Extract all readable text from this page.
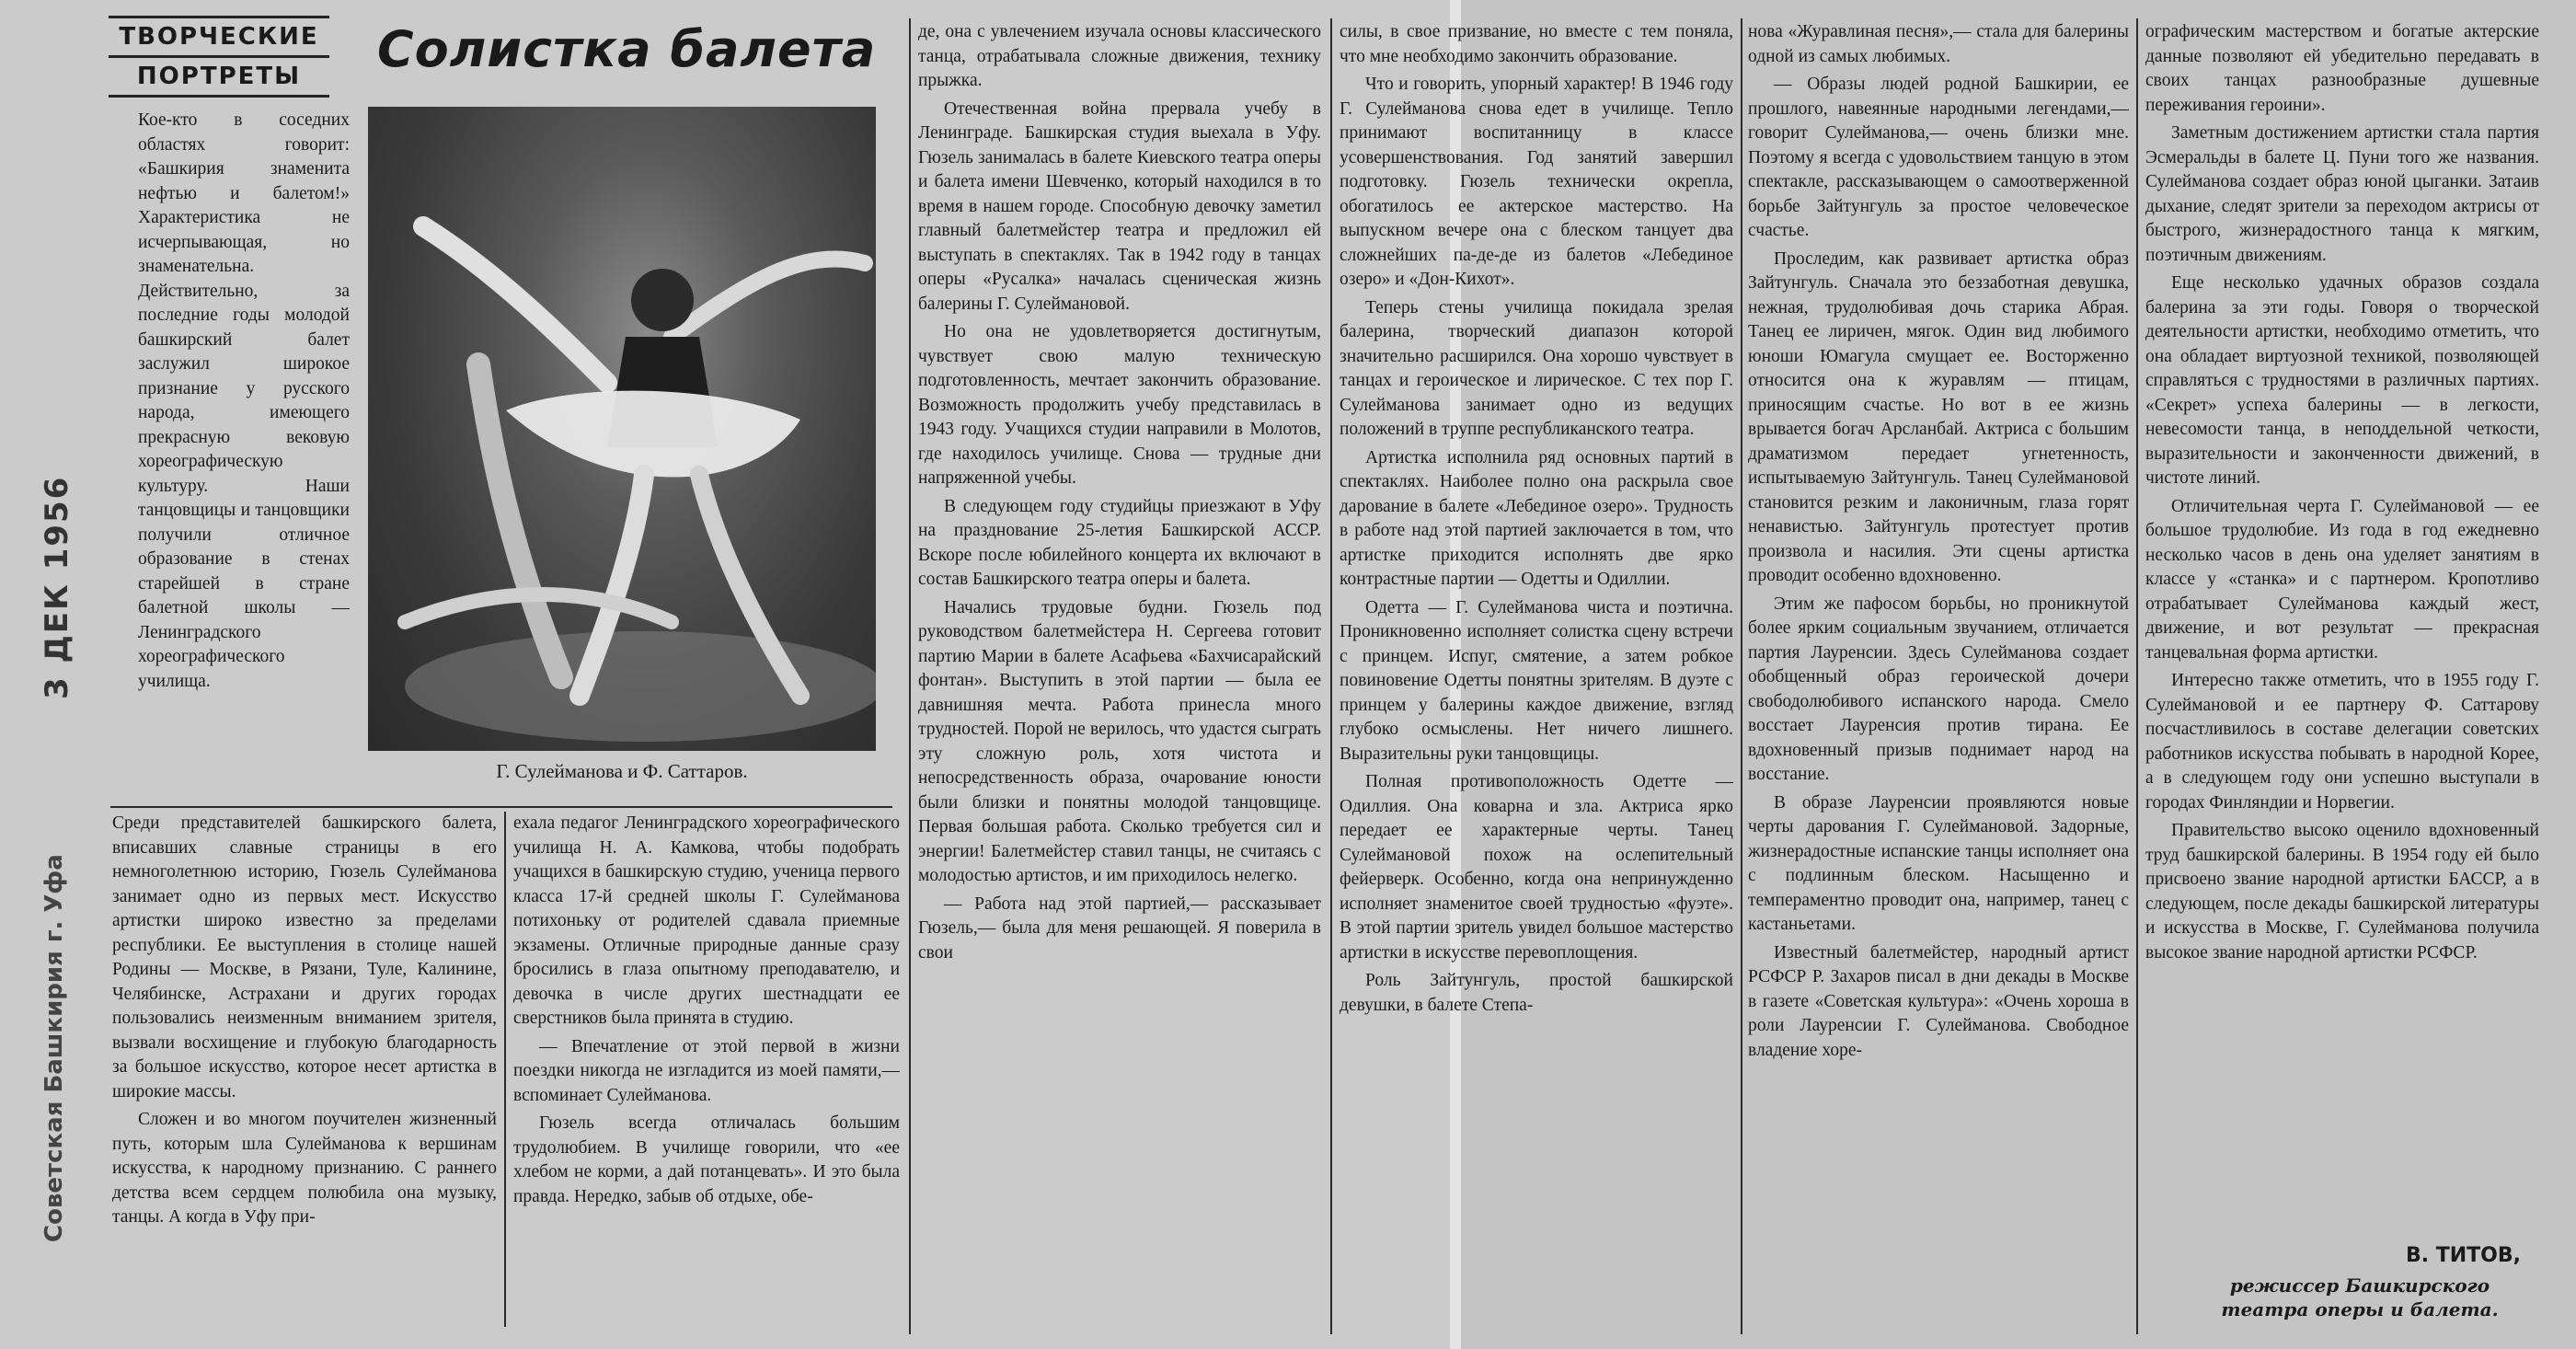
ТВОРЧЕСКИЕ
ПОРТРЕТЫ	Солистка балета
3 ДЕК 1956
Советская Башкирия г. Уфа
Г. Сулейманова и Ф. Саттаров.

Кое-кто в соседних областях говорит: «Башкирия знаменита нефтью и балетом!» Характеристика не исчерпывающая, но знаменательна. Действительно, за последние годы молодой башкирский балет заслужил широкое признание у русского народа, имеющего прекрасную вековую хореографическую культуру. Наши танцовщицы и танцовщики получили отличное образование в стенах старейшей в стране балетной школы — Ленинградского хореографического училища.

Среди представителей башкирского балета, вписавших славные страницы в его немноголетнюю историю, Гюзель Сулейманова занимает одно из первых мест. Искусство артистки широко известно за пределами республики. Ее выступления в столице нашей Родины — Москве, в Рязани, Туле, Калинине, Челябинске, Астрахани и других городах пользовались неизменным вниманием зрителя, вызвали восхищение и глубокую благодарность за большое искусство, которое несет артистка в широкие массы.

Сложен и во многом поучителен жизненный путь, которым шла Сулейманова к вершинам искусства, к народному признанию. С раннего детства всем сердцем полюбила она музыку, танцы. А когда в Уфу при-

ехала педагог Ленинградского хореографического училища Н. А. Камкова, чтобы подобрать учащихся в башкирскую студию, ученица первого класса 17-й средней школы Г. Сулейманова потихоньку от родителей сдавала приемные экзамены. Отличные природные данные сразу бросились в глаза опытному преподавателю, и девочка в числе других шестнадцати ее сверстников была принята в студию.

— Впечатление от этой первой в жизни поездки никогда не изгладится из моей памяти,— вспоминает Сулейманова.

Гюзель всегда отличалась большим трудолюбием. В училище говорили, что «ее хлебом не корми, а дай потанцевать». И это была правда. Нередко, забыв об отдыхе, обе-

де, она с увлечением изучала основы классического танца, отрабатывала сложные движения, технику прыжка.

Отечественная война прервала учебу в Ленинграде. Башкирская студия выехала в Уфу. Гюзель занималась в балете Киевского театра оперы и балета имени Шевченко, который находился в то время в нашем городе. Способную девочку заметил главный балетмейстер театра и предложил ей выступать в спектаклях. Так в 1942 году в танцах оперы «Русалка» началась сценическая жизнь балерины Г. Сулеймановой.

Но она не удовлетворяется достигнутым, чувствует свою малую техническую подготовленность, мечтает закончить образование. Возможность продолжить учебу представилась в 1943 году. Учащихся студии направили в Молотов, где находилось училище. Снова — трудные дни напряженной учебы.

В следующем году студийцы приезжают в Уфу на празднование 25-летия Башкирской АССР. Вскоре после юбилейного концерта их включают в состав Башкирского театра оперы и балета.

Начались трудовые будни. Гюзель под руководством балетмейстера Н. Сергеева готовит партию Марии в балете Асафьева «Бахчисарайский фонтан». Выступить в этой партии — была ее давнишняя мечта. Работа принесла много трудностей. Порой не верилось, что удастся сыграть эту сложную роль, хотя чистота и непосредственность образа, очарование юности были близки и понятны молодой танцовщице. Первая большая работа. Сколько требуется сил и энергии! Балетмейстер ставил танцы, не считаясь с молодостью артистов, и им приходилось нелегко.

— Работа над этой партией,— рассказывает Гюзель,— была для меня решающей. Я поверила в свои

силы, в свое призвание, но вместе с тем поняла, что мне необходимо закончить образование.

Что и говорить, упорный характер! В 1946 году Г. Сулейманова снова едет в училище. Тепло принимают воспитанницу в классе усовершенствования. Год занятий завершил подготовку. Гюзель технически окрепла, обогатилось ее актерское мастерство. На выпускном вечере она с блеском танцует два сложнейших па-де-де из балетов «Лебединое озеро» и «Дон-Кихот».

Теперь стены училища покидала зрелая балерина, творческий диапазон которой значительно расширился. Она хорошо чувствует в танцах и героическое и лирическое. С тех пор Г. Сулейманова занимает одно из ведущих положений в труппе республиканского театра.

Артистка исполнила ряд основных партий в спектаклях. Наиболее полно она раскрыла свое дарование в балете «Лебединое озеро». Трудность в работе над этой партией заключается в том, что артистке приходится исполнять две ярко контрастные партии — Одетты и Одиллии.

Одетта — Г. Сулейманова чиста и поэтична. Проникновенно исполняет солистка сцену встречи с принцем. Испуг, смятение, а затем робкое повиновение Одетты понятны зрителям. В дуэте с принцем у балерины каждое движение, взгляд глубоко осмыслены. Нет ничего лишнего. Выразительны руки танцовщицы.

Полная противоположность Одетте — Одиллия. Она коварна и зла. Актриса ярко передает ее характерные черты. Танец Сулеймановой похож на ослепительный фейерверк. Особенно, когда она непринужденно исполняет знаменитое своей трудностью «фуэте». В этой партии зритель увидел большое мастерство артистки в искусстве перевоплощения.

Роль Зайтунгуль, простой башкирской девушки, в балете Степа-

нова «Журавлиная песня»,— стала для балерины одной из самых любимых.

— Образы людей родной Башкирии, ее прошлого, навеянные народными легендами,— говорит Сулейманова,— очень близки мне. Поэтому я всегда с удовольствием танцую в этом спектакле, рассказывающем о самоотверженной борьбе Зайтунгуль за простое человеческое счастье.

Проследим, как развивает артистка образ Зайтунгуль. Сначала это беззаботная девушка, нежная, трудолюбивая дочь старика Абрая. Танец ее лиричен, мягок. Один вид любимого юноши Юмагула смущает ее. Восторженно относится она к журавлям — птицам, приносящим счастье. Но вот в ее жизнь врывается богач Арсланбай. Актриса с большим драматизмом передает угнетенность, испытываемую Зайтунгуль. Танец Сулеймановой становится резким и лаконичным, глаза горят ненавистью. Зайтунгуль протестует против произвола и насилия. Эти сцены артистка проводит особенно вдохновенно.

Этим же пафосом борьбы, но проникнутой более ярким социальным звучанием, отличается партия Лауренсии. Здесь Сулейманова создает обобщенный образ героической дочери свободолюбивого испанского народа. Смело восстает Лауренсия против тирана. Ее вдохновенный призыв поднимает народ на восстание.

В образе Лауренсии проявляются новые черты дарования Г. Сулеймановой. Задорные, жизнерадостные испанские танцы исполняет она с подлинным блеском. Насыщенно и темпераментно проводит она, например, танец с кастаньетами.

Известный балетмейстер, народный артист РСФСР Р. Захаров писал в дни декады в Москве в газете «Советская культура»: «Очень хороша в роли Лауренсии Г. Сулейманова. Свободное владение хоре-

ографическим мастерством и богатые актерские данные позволяют ей убедительно передавать в своих танцах разнообразные душевные переживания героини».

Заметным достижением артистки стала партия Эсмеральды в балете Ц. Пуни того же названия. Сулейманова создает образ юной цыганки. Затаив дыхание, следят зрители за переходом актрисы от быстрого, жизнерадостного танца к мягким, поэтичным движениям.

Еще несколько удачных образов создала балерина за эти годы. Говоря о творческой деятельности артистки, необходимо отметить, что она обладает виртуозной техникой, позволяющей справляться с трудностями в различных партиях. «Секрет» успеха балерины — в легкости, невесомости танца, в неподдельной четкости, выразительности и законченности движений, в чистоте линий.

Отличительная черта Г. Сулеймановой — ее большое трудолюбие. Из года в год ежедневно несколько часов в день она уделяет занятиям в классе у «станка» и с партнером. Кропотливо отрабатывает Сулейманова каждый жест, движение, и вот результат — прекрасная танцевальная форма артистки.

Интересно также отметить, что в 1955 году Г. Сулеймановой и ее партнеру Ф. Саттарову посчастливилось в составе делегации советских работников искусства побывать в народной Корее, а в следующем году они успешно выступали в городах Финляндии и Норвегии.

Правительство высоко оценило вдохновенный труд башкирской балерины. В 1954 году ей было присвоено звание народной артистки БАССР, а в следующем, после декады башкирской литературы и искусства в Москве, Г. Сулейманова получила высокое звание народной артистки РСФСР.

В. ТИТОВ,
режиссер Башкирского театра оперы и балета.
